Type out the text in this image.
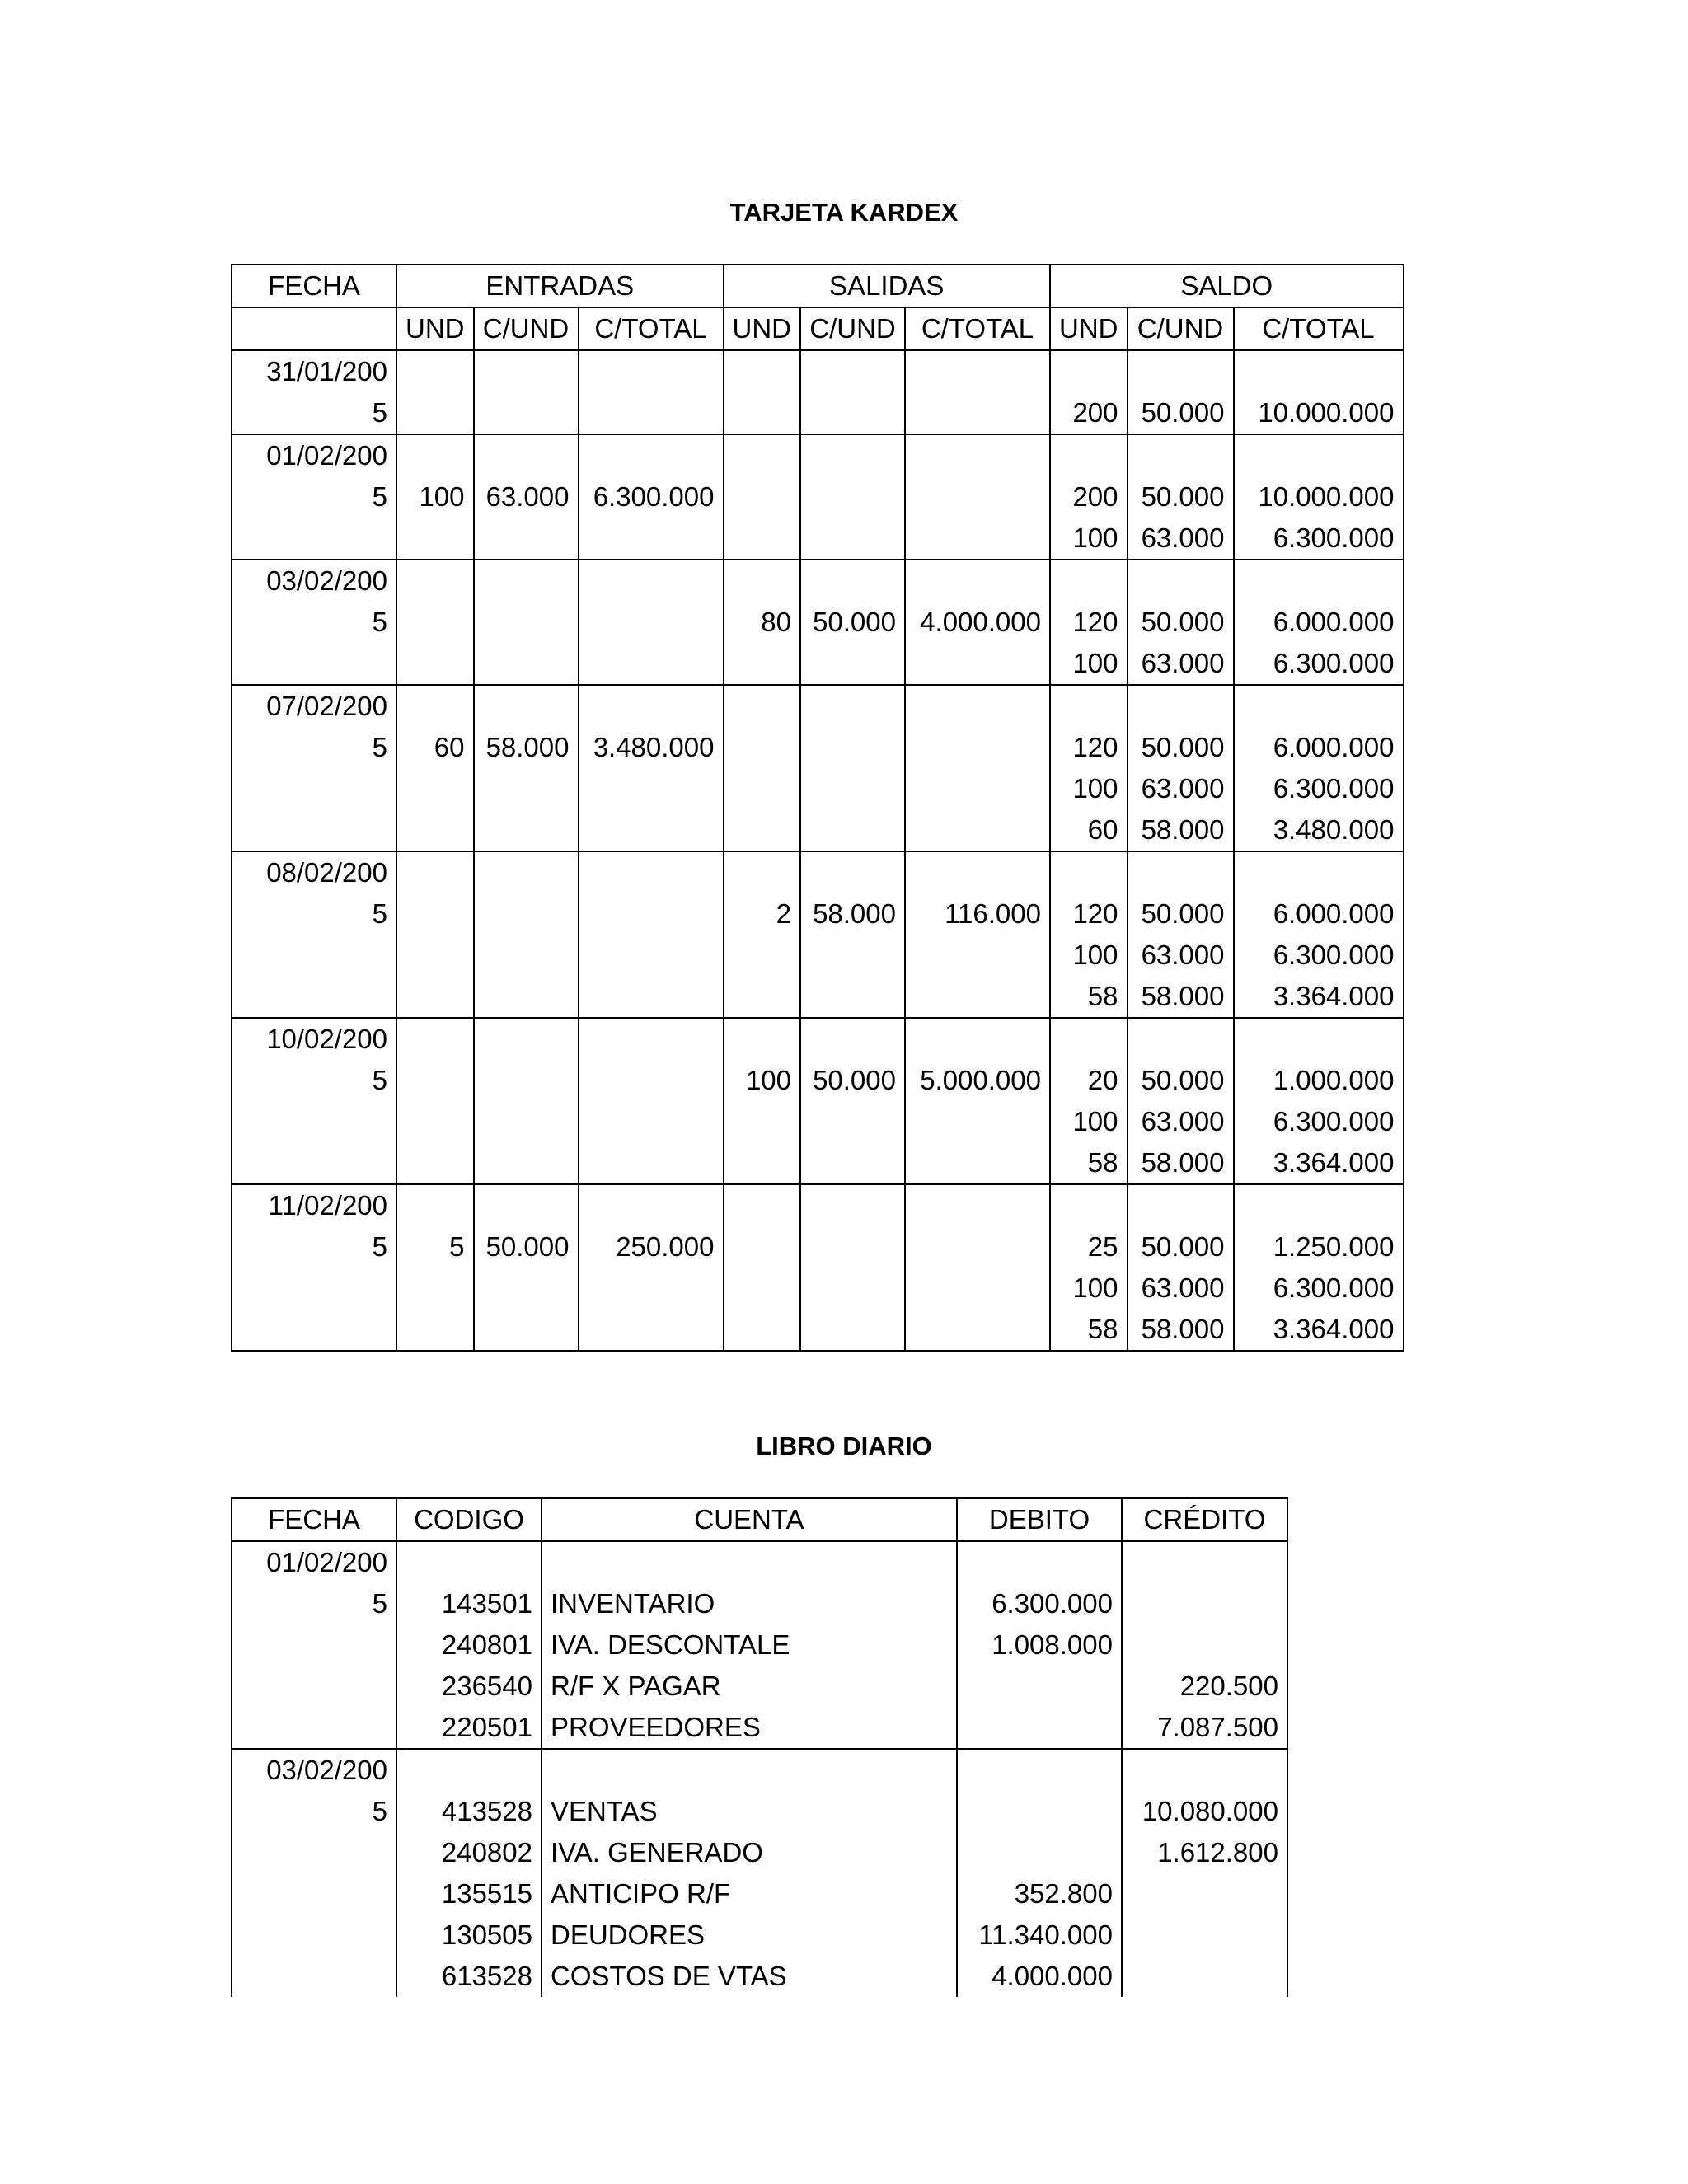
TARJETA KARDEX
FECHA	ENTRADAS			SALIDAS			SALDO		
	UND	C/UND	C/TOTAL	UND	C/UND	C/TOTAL	UND	C/UND	C/TOTAL
31/01/200									
5							200	50.000	10.000.000
01/02/200									
5	100	63.000	6.300.000				200	50.000	10.000.000
							100	63.000	6.300.000
03/02/200									
5				80	50.000	4.000.000	120	50.000	6.000.000
							100	63.000	6.300.000
07/02/200									
5	60	58.000	3.480.000				120	50.000	6.000.000
							100	63.000	6.300.000
							60	58.000	3.480.000
08/02/200									
5				2	58.000	116.000	120	50.000	6.000.000
							100	63.000	6.300.000
							58	58.000	3.364.000
10/02/200									
5				100	50.000	5.000.000	20	50.000	1.000.000
							100	63.000	6.300.000
							58	58.000	3.364.000
11/02/200									
5	5	50.000	250.000				25	50.000	1.250.000
							100	63.000	6.300.000
							58	58.000	3.364.000
LIBRO DIARIO
FECHA	CODIGO	CUENTA	DEBITO	CRÉDITO
01/02/200				
5	143501	INVENTARIO	6.300.000	
	240801	IVA. DESCONTALE	1.008.000	
	236540	R/F X PAGAR		220.500
	220501	PROVEEDORES		7.087.500
03/02/200				
5	413528	VENTAS		10.080.000
	240802	IVA. GENERADO		1.612.800
	135515	ANTICIPO R/F	352.800	
	130505	DEUDORES	11.340.000	
	613528	COSTOS DE VTAS	4.000.000	
